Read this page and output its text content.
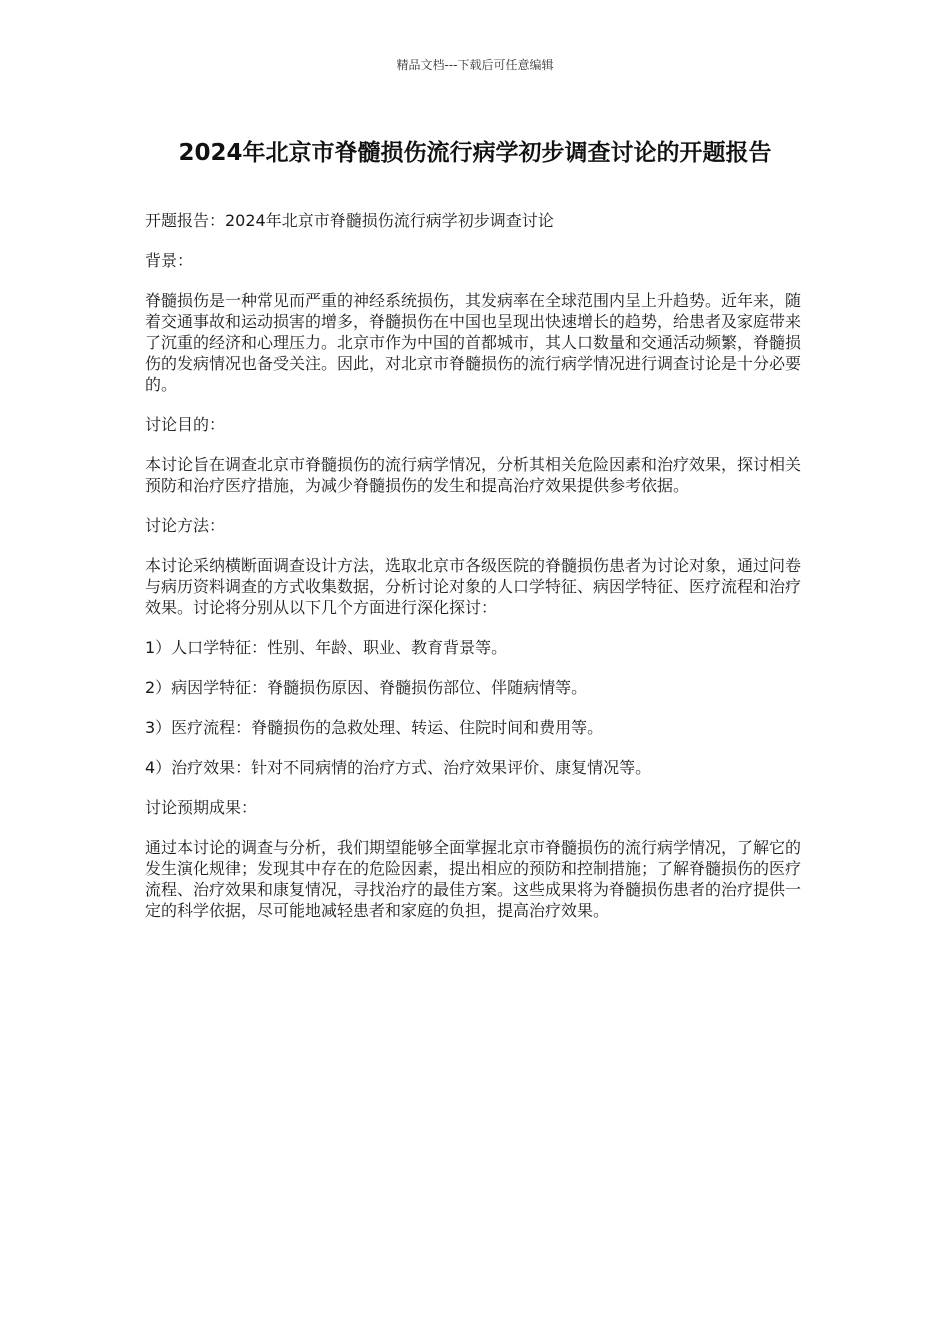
精品文档---下载后可任意编辑
2024年北京市脊髓损伤流行病学初步调查讨论的开题报告

开题报告：2024年北京市脊髓损伤流行病学初步调查讨论

背景：

脊髓损伤是一种常见而严重的神经系统损伤，其发病率在全球范围内呈上升趋势。近年来，随着交通事故和运动损害的增多，脊髓损伤在中国也呈现出快速增长的趋势，给患者及家庭带来了沉重的经济和心理压力。北京市作为中国的首都城市，其人口数量和交通活动频繁，脊髓损伤的发病情况也备受关注。因此，对北京市脊髓损伤的流行病学情况进行调查讨论是十分必要的。

讨论目的：

本讨论旨在调查北京市脊髓损伤的流行病学情况，分析其相关危险因素和治疗效果，探讨相关预防和治疗医疗措施，为减少脊髓损伤的发生和提高治疗效果提供参考依据。

讨论方法：

本讨论采纳横断面调查设计方法，选取北京市各级医院的脊髓损伤患者为讨论对象，通过问卷与病历资料调查的方式收集数据，分析讨论对象的人口学特征、病因学特征、医疗流程和治疗效果。讨论将分别从以下几个方面进行深化探讨：

1）人口学特征：性别、年龄、职业、教育背景等。

2）病因学特征：脊髓损伤原因、脊髓损伤部位、伴随病情等。

3）医疗流程：脊髓损伤的急救处理、转运、住院时间和费用等。

4）治疗效果：针对不同病情的治疗方式、治疗效果评价、康复情况等。

讨论预期成果：

通过本讨论的调查与分析，我们期望能够全面掌握北京市脊髓损伤的流行病学情况，了解它的发生演化规律；发现其中存在的危险因素，提出相应的预防和控制措施；了解脊髓损伤的医疗流程、治疗效果和康复情况，寻找治疗的最佳方案。这些成果将为脊髓损伤患者的治疗提供一定的科学依据，尽可能地减轻患者和家庭的负担，提高治疗效果。
